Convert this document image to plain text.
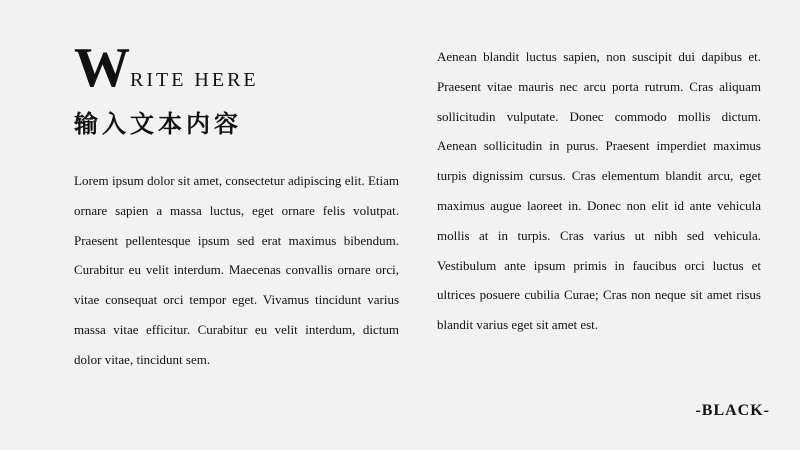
W RITE HERE
输入文本内容

Lorem ipsum dolor sit amet, consectetur adipiscing elit. Etiam ornare sapien a massa luctus, eget ornare felis volutpat. Praesent pellentesque ipsum sed erat maximus bibendum. Curabitur eu velit interdum. Maecenas convallis ornare orci, vitae consequat orci tempor eget. Vivamus tincidunt varius massa vitae efficitur. Curabitur eu velit interdum, dictum dolor vitae, tincidunt sem.

Aenean blandit luctus sapien, non suscipit dui dapibus et. Praesent vitae mauris nec arcu porta rutrum. Cras aliquam sollicitudin vulputate. Donec commodo mollis dictum. Aenean sollicitudin in purus. Praesent imperdiet maximus turpis dignissim cursus. Cras elementum blandit arcu, eget maximus augue laoreet in. Donec non elit id ante vehicula mollis at in turpis. Cras varius ut nibh sed vehicula. Vestibulum ante ipsum primis in faucibus orci luctus et ultrices posuere cubilia Curae; Cras non neque sit amet risus blandit varius eget sit amet est.

-BLACK-
